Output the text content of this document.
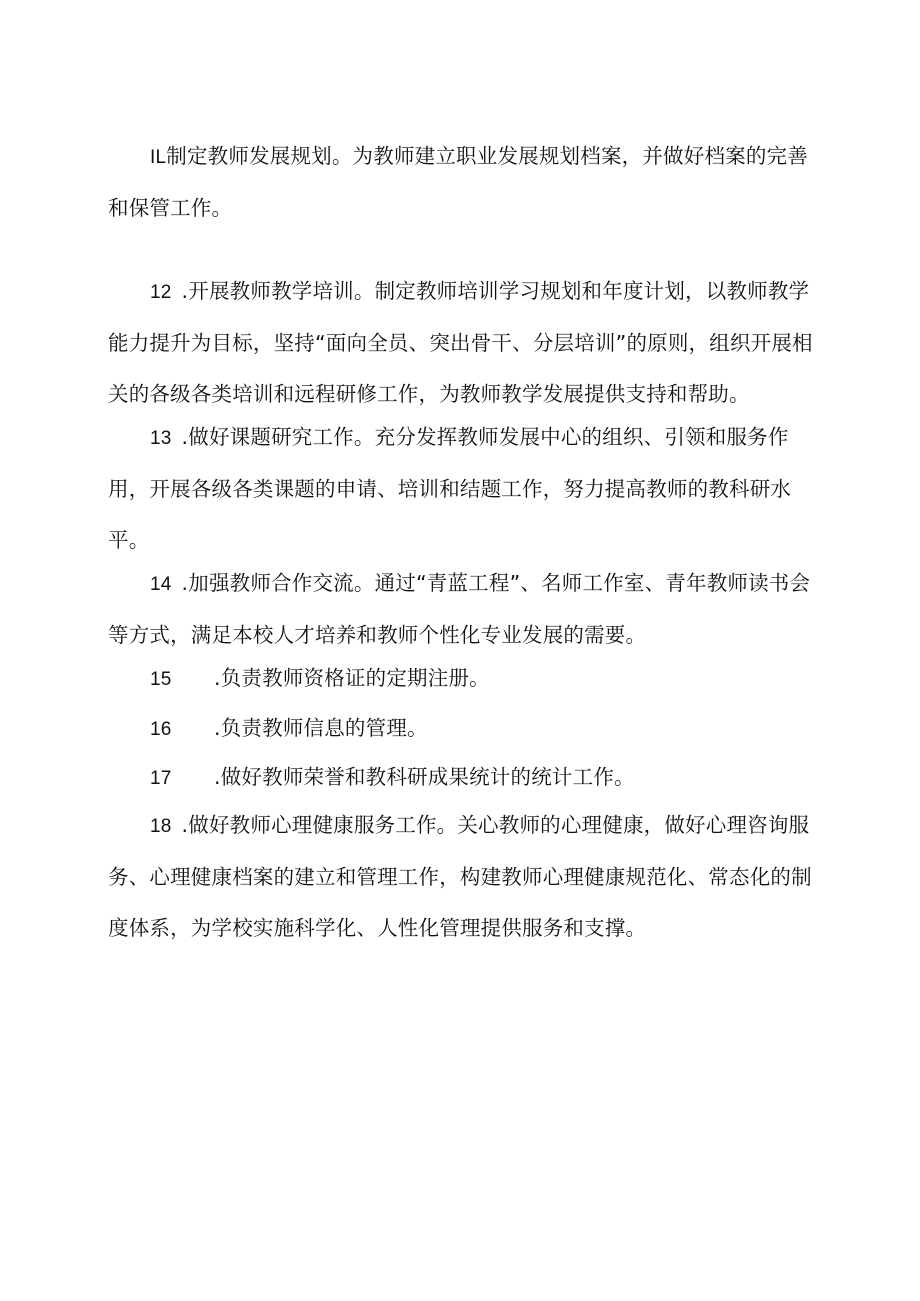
IL制定教师发展规划。为教师建立职业发展规划档案，并做好档案的完善和保管工作。

12 .开展教师教学培训。制定教师培训学习规划和年度计划，以教师教学能力提升为目标，坚持“面向全员、突出骨干、分层培训”的原则，组织开展相关的各级各类培训和远程研修工作，为教师教学发展提供支持和帮助。

13 .做好课题研究工作。充分发挥教师发展中心的组织、引领和服务作用，开展各级各类课题的申请、培训和结题工作，努力提高教师的教科研水平。

14 .加强教师合作交流。通过“青蓝工程”、名师工作室、青年教师读书会等方式，满足本校人才培养和教师个性化专业发展的需要。

15 .负责教师资格证的定期注册。

16 .负责教师信息的管理。

17 .做好教师荣誉和教科研成果统计的统计工作。

18 .做好教师心理健康服务工作。关心教师的心理健康，做好心理咨询服务、心理健康档案的建立和管理工作，构建教师心理健康规范化、常态化的制度体系，为学校实施科学化、人性化管理提供服务和支撑。
